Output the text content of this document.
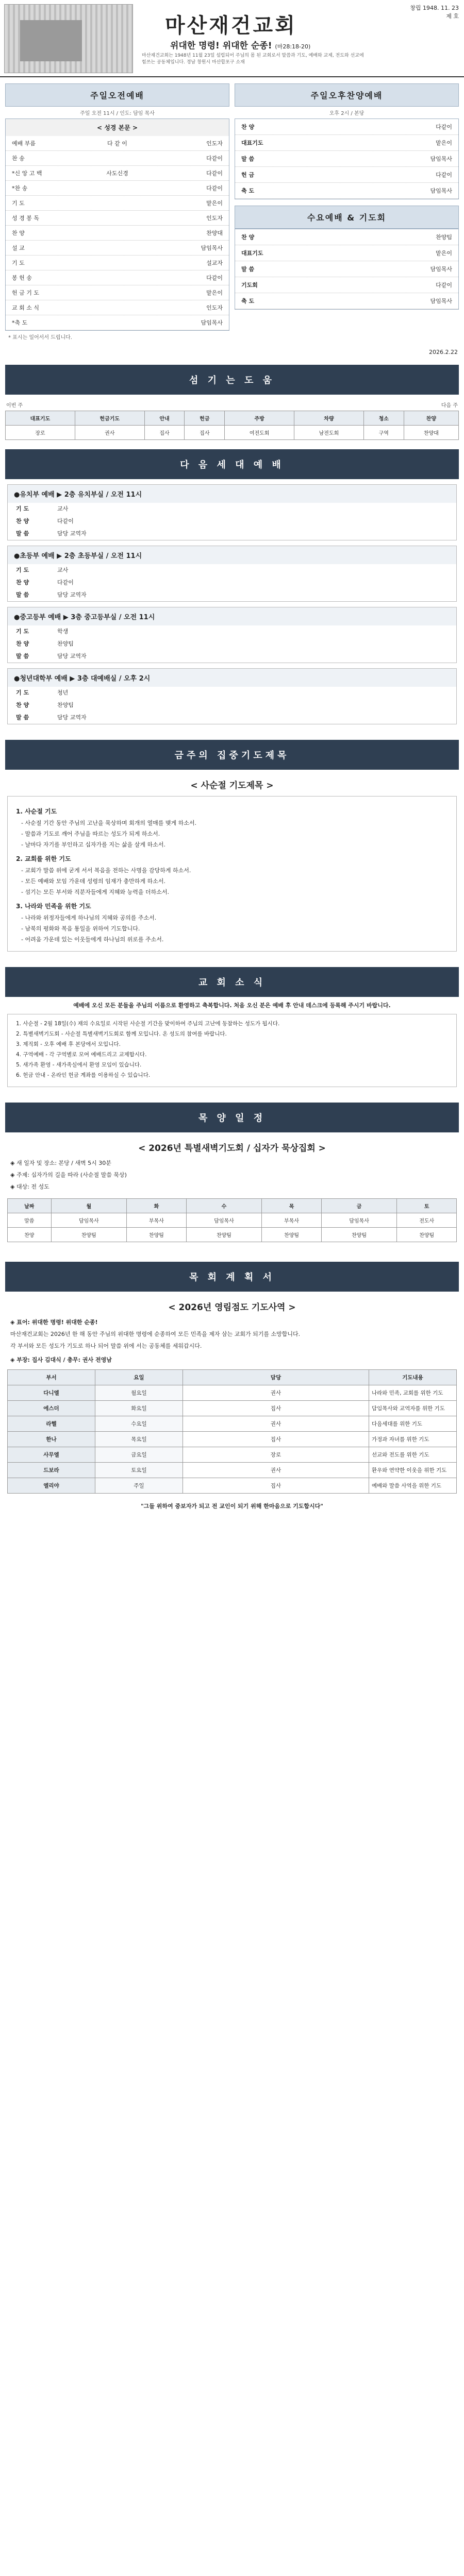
마산재건교회
위대한 명령! 위대한 순종! (마28:18-20)
마산재건교회는 1948년 11월 23일 설립되어 주님의 몸 된 교회로서 말씀과 기도, 예배와 교제, 전도와 선교에 힘쓰는 공동체입니다. 경남 창원시 마산합포구 소재
창립 1948. 11. 23
제 호
주일오전예배
주일 오전 11시 / 인도: 담임 목사
< 성경 본문 >
예배 부름	다 같 이	인도자
찬 송	다같이
*신 앙 고 백	사도신경	다같이
*찬 송	다같이
기 도	맡은이
성 경 봉 독	인도자
찬 양	찬양대
설 교	담임목사
기 도	설교자
봉 헌 송	다같이
헌 금 기 도	맡은이
교 회 소 식	인도자
*축 도	담임목사
* 표시는 일어서서 드립니다.
주일오후찬양예배
오후 2시 / 본당
찬 양	다같이
대표기도	맡은이
말 씀	담임목사
헌 금	다같이
축 도	담임목사
수요예배 & 기도회
찬 양	찬양팀
대표기도	맡은이
말 씀	담임목사
기도회	다같이
축 도	담임목사
2026.2.22
섬 기 는 도 움
이번 주	다음 주
대표기도	헌금기도	안내	헌금	주방	차량	청소	찬양
장로	권사	집사	집사	여전도회	남전도회	구역	찬양대
다 음 세 대 예 배
●유치부 예배 ▶ 2층 유치부실 / 오전 11시
기 도	교사
찬 양	다같이
말 씀	담당 교역자
●초등부 예배 ▶ 2층 초등부실 / 오전 11시
기 도	교사
찬 양	다같이
말 씀	담당 교역자
●중고등부 예배 ▶ 3층 중고등부실 / 오전 11시
기 도	학생
찬 양	찬양팀
말 씀	담당 교역자
●청년대학부 예배 ▶ 3층 대예배실 / 오후 2시
기 도	청년
찬 양	찬양팀
말 씀	담당 교역자
금주의 집중기도제목
< 사순절 기도제목 >
1. 사순절 기도
- 사순절 기간 동안 주님의 고난을 묵상하며 회개의 열매를 맺게 하소서.
- 말씀과 기도로 깨어 주님을 따르는 성도가 되게 하소서.
- 날마다 자기를 부인하고 십자가를 지는 삶을 살게 하소서.
2. 교회를 위한 기도
- 교회가 말씀 위에 굳게 서서 복음을 전하는 사명을 감당하게 하소서.
- 모든 예배와 모임 가운데 성령의 임재가 충만하게 하소서.
- 섬기는 모든 부서와 직분자들에게 지혜와 능력을 더하소서.
3. 나라와 민족을 위한 기도
- 나라와 위정자들에게 하나님의 지혜와 공의를 주소서.
- 남북의 평화와 복음 통일을 위하여 기도합니다.
- 어려움 가운데 있는 이웃들에게 하나님의 위로를 주소서.
교 회 소 식
예배에 오신 모든 분들을 주님의 이름으로 환영하고 축복합니다. 처음 오신 분은 예배 후 안내 데스크에 등록해 주시기 바랍니다.
1. 사순절 - 2월 18일(수) 재의 수요일로 시작된 사순절 기간을 맞이하여 주님의 고난에 동참하는 성도가 됩시다.
2. 특별새벽기도회 - 사순절 특별새벽기도회로 함께 모입니다. 온 성도의 참여를 바랍니다.
3. 제직회 - 오후 예배 후 본당에서 모입니다.
4. 구역예배 - 각 구역별로 모여 예배드리고 교제합시다.
5. 새가족 환영 - 새가족실에서 환영 모임이 있습니다.
6. 헌금 안내 - 온라인 헌금 계좌를 이용하실 수 있습니다.
목 양 일 정
< 2026년 특별새벽기도회 / 십자가 묵상집회 >
◈ 새 일자 및 장소: 본당 / 새벽 5시 30분
◈ 주제: 십자가의 길을 따라 (사순절 말씀 묵상)
◈ 대상: 전 성도
날짜	월	화	수	목	금	토
말씀	담임목사	부목사	담임목사	부목사	담임목사	전도사
찬양	찬양팀	찬양팀	찬양팀	찬양팀	찬양팀	찬양팀
목 회 계 획 서
< 2026년 영림점도 기도사역 >
◈ 표어: 위대한 명령! 위대한 순종!
마산재건교회는 2026년 한 해 동안 주님의 위대한 명령에 순종하여 모든 민족을 제자 삼는 교회가 되기를 소망합니다.
각 부서와 모든 성도가 기도로 하나 되어 말씀 위에 서는 공동체를 세워갑시다.
◈ 부장: 집사 김대식 / 총무: 권사 전영남
부서	요일	담당	기도내용
다니엘	월요일	권사	나라와 민족, 교회를 위한 기도
에스더	화요일	집사	담임목사와 교역자를 위한 기도
라헬	수요일	권사	다음세대를 위한 기도
한나	목요일	집사	가정과 자녀를 위한 기도
사무엘	금요일	장로	선교와 전도를 위한 기도
드보라	토요일	권사	환우와 연약한 이웃을 위한 기도
엘리야	주일	집사	예배와 말씀 사역을 위한 기도
"그들 위하여 중보자가 되고 전 교인이 되기 위해 한마음으로 기도합시다"
